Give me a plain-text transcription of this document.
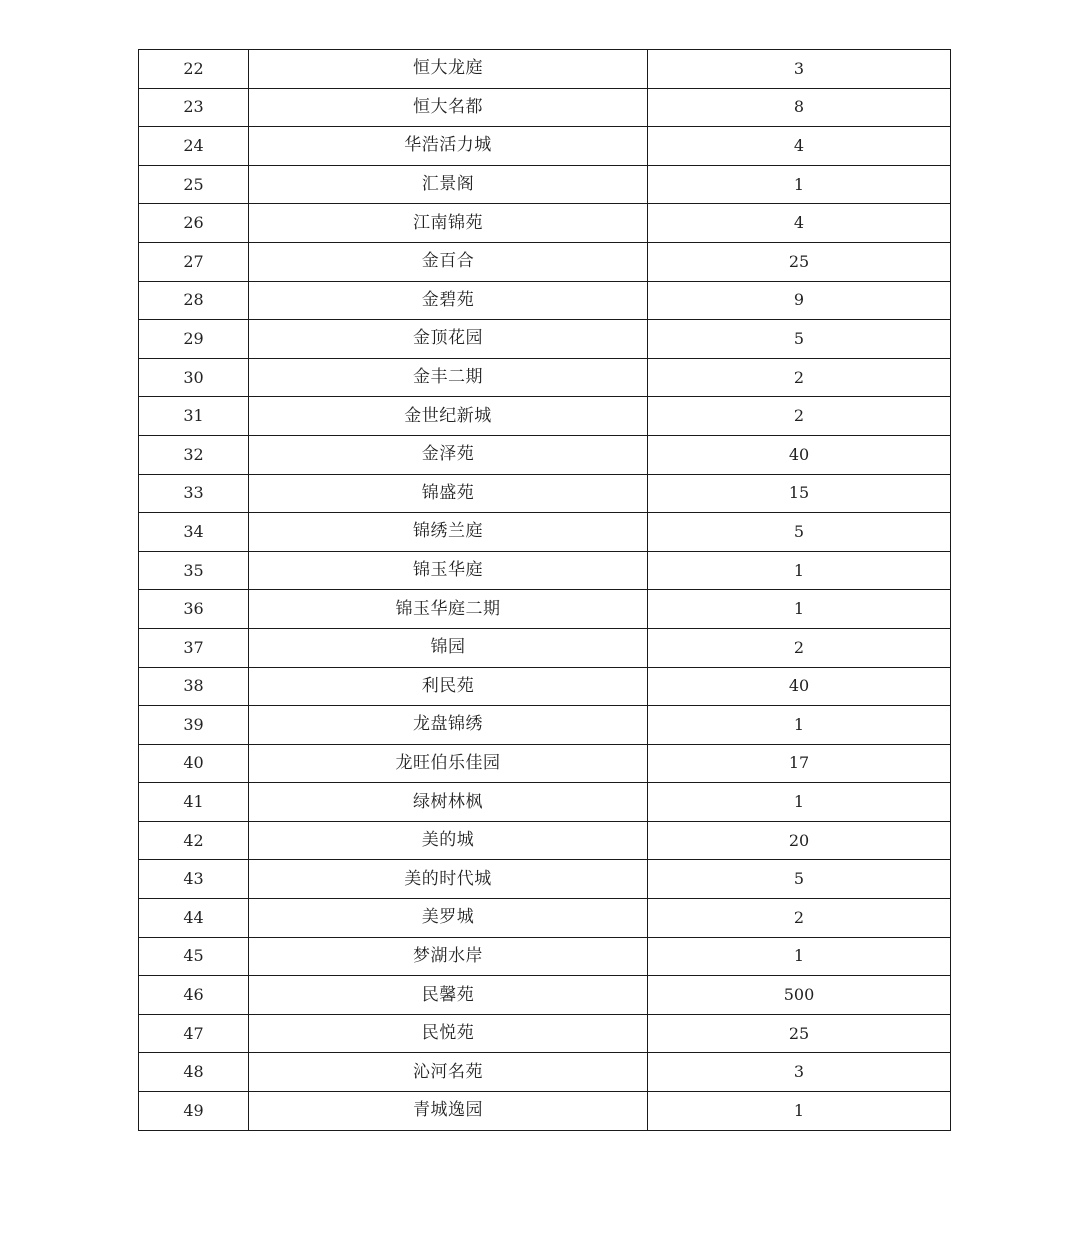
22	恒大龙庭	3
23	恒大名都	8
24	华浩活力城	4
25	汇景阁	1
26	江南锦苑	4
27	金百合	25
28	金碧苑	9
29	金顶花园	5
30	金丰二期	2
31	金世纪新城	2
32	金泽苑	40
33	锦盛苑	15
34	锦绣兰庭	5
35	锦玉华庭	1
36	锦玉华庭二期	1
37	锦园	2
38	利民苑	40
39	龙盘锦绣	1
40	龙旺伯乐佳园	17
41	绿树林枫	1
42	美的城	20
43	美的时代城	5
44	美罗城	2
45	梦湖水岸	1
46	民馨苑	500
47	民悦苑	25
48	沁河名苑	3
49	青城逸园	1
